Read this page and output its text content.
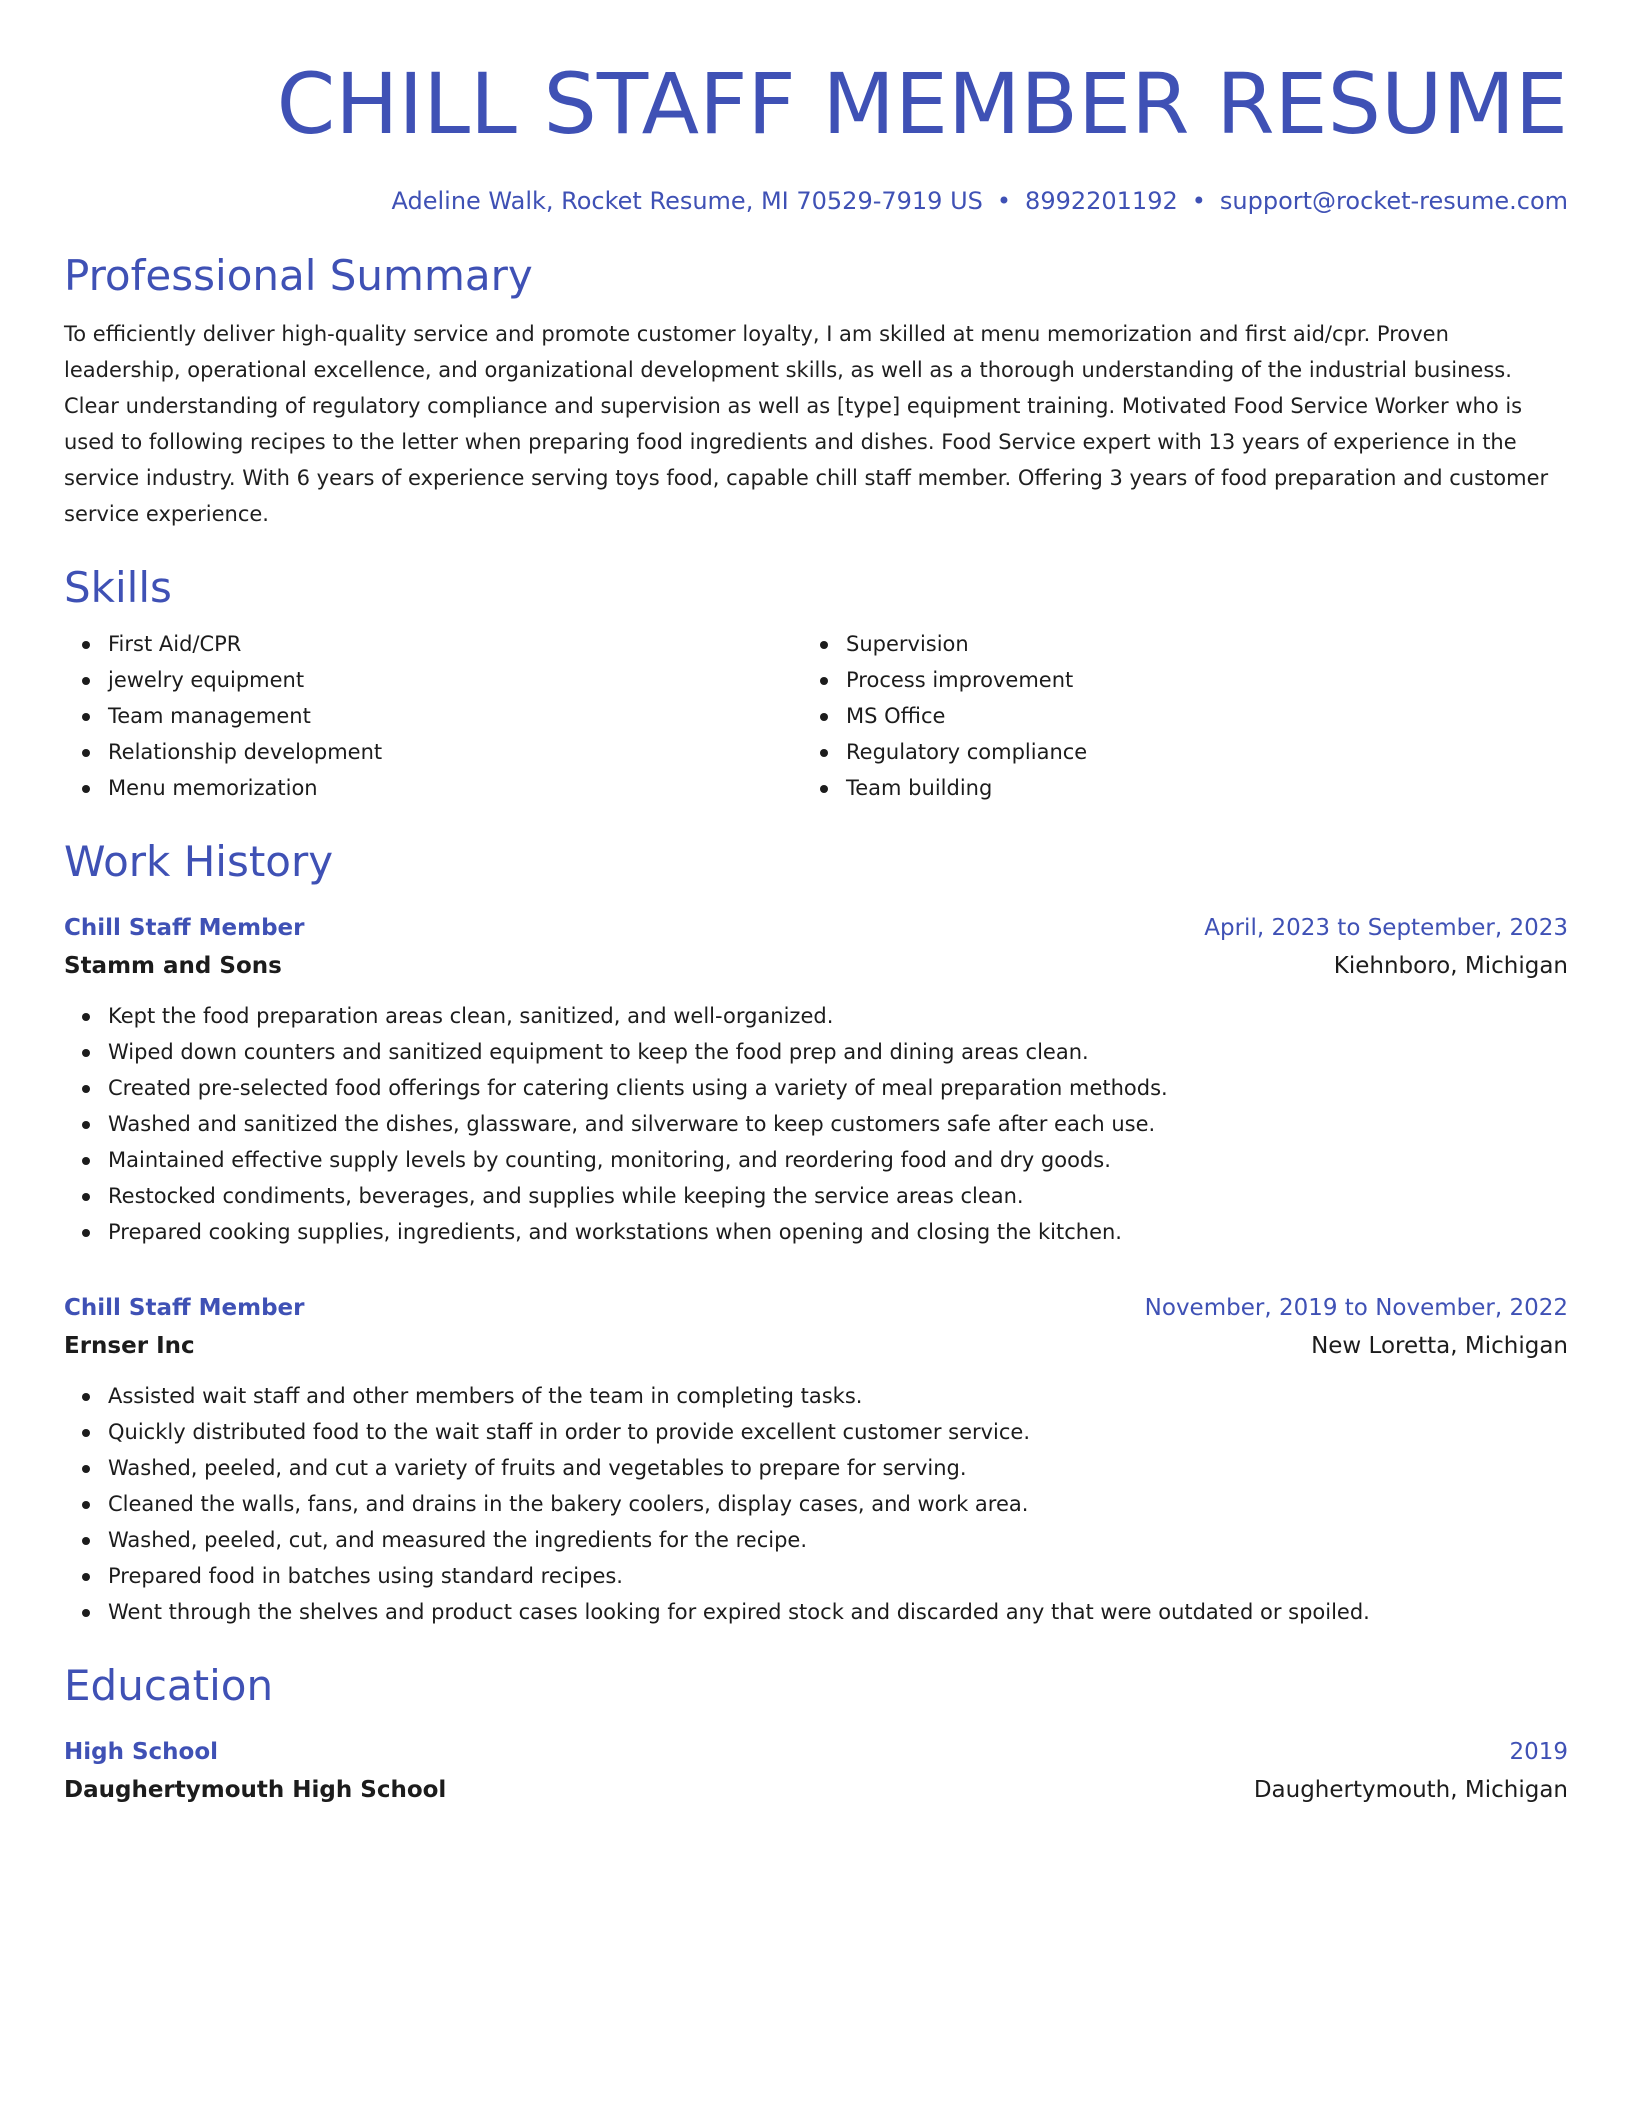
CHILL STAFF MEMBER RESUME
Adeline Walk, Rocket Resume, MI 70529-7919 US • 8992201192 • support@rocket-resume.com
Professional Summary
To efficiently deliver high-quality service and promote customer loyalty, I am skilled at menu memorization and first aid/cpr. Proven leadership, operational excellence, and organizational development skills, as well as a thorough understanding of the industrial business. Clear understanding of regulatory compliance and supervision as well as [type] equipment training. Motivated Food Service Worker who is used to following recipes to the letter when preparing food ingredients and dishes. Food Service expert with 13 years of experience in the service industry. With 6 years of experience serving toys food, capable chill staff member. Offering 3 years of food preparation and customer service experience.
Skills
First Aid/CPR
jewelry equipment
Team management
Relationship development
Menu memorization
Supervision
Process improvement
MS Office
Regulatory compliance
Team building
Work History
Chill Staff Member	April, 2023 to September, 2023
Stamm and Sons	Kiehnboro, Michigan
Kept the food preparation areas clean, sanitized, and well-organized.
Wiped down counters and sanitized equipment to keep the food prep and dining areas clean.
Created pre-selected food offerings for catering clients using a variety of meal preparation methods.
Washed and sanitized the dishes, glassware, and silverware to keep customers safe after each use.
Maintained effective supply levels by counting, monitoring, and reordering food and dry goods.
Restocked condiments, beverages, and supplies while keeping the service areas clean.
Prepared cooking supplies, ingredients, and workstations when opening and closing the kitchen.
Chill Staff Member	November, 2019 to November, 2022
Ernser Inc	New Loretta, Michigan
Assisted wait staff and other members of the team in completing tasks.
Quickly distributed food to the wait staff in order to provide excellent customer service.
Washed, peeled, and cut a variety of fruits and vegetables to prepare for serving.
Cleaned the walls, fans, and drains in the bakery coolers, display cases, and work area.
Washed, peeled, cut, and measured the ingredients for the recipe.
Prepared food in batches using standard recipes.
Went through the shelves and product cases looking for expired stock and discarded any that were outdated or spoiled.
Education
High School	2019
Daughertymouth High School	Daughertymouth, Michigan
